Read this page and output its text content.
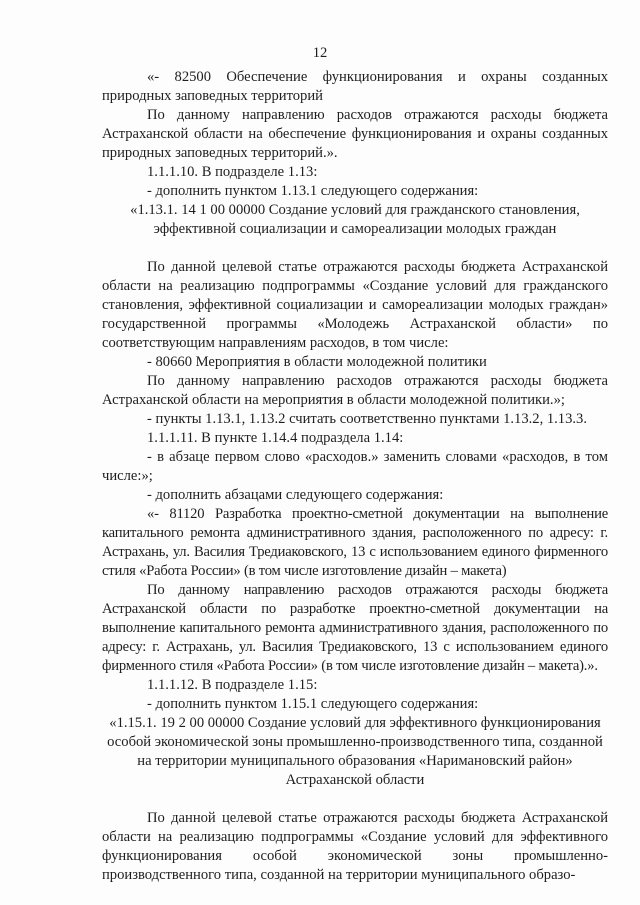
12

«- 82500 Обеспечение функционирования и охраны созданных природных заповедных территорий

По данному направлению расходов отражаются расходы бюджета Астраханской области на обеспечение функционирования и охраны созданных природных заповедных территорий.».

1.1.1.10. В подразделе 1.13:

- дополнить пунктом 1.13.1 следующего содержания:

«1.13.1. 14 1 00 00000 Создание условий для гражданского становления, эффективной социализации и самореализации молодых граждан

По данной целевой статье отражаются расходы бюджета Астраханской области на реализацию подпрограммы «Создание условий для гражданского становления, эффективной социализации и самореализации молодых граждан» государственной программы «Молодежь Астраханской области» по соответствующим направлениям расходов, в том числе:

- 80660 Мероприятия в области молодежной политики

По данному направлению расходов отражаются расходы бюджета Астраханской области на мероприятия в области молодежной политики.»;

- пункты 1.13.1, 1.13.2 считать соответственно пунктами 1.13.2, 1.13.3.

1.1.1.11. В пункте 1.14.4 подраздела 1.14:

- в абзаце первом слово «расходов.» заменить словами «расходов, в том числе:»;

- дополнить абзацами следующего содержания:

«- 81120 Разработка проектно-сметной документации на выполнение капитального ремонта административного здания, расположенного по адресу: г. Астрахань, ул. Василия Тредиаковского, 13 с использованием единого фирменного стиля «Работа России» (в том числе изготовление дизайн – макета)

По данному направлению расходов отражаются расходы бюджета Астраханской области по разработке проектно-сметной документации на выполнение капитального ремонта административного здания, расположенного по адресу: г. Астрахань, ул. Василия Тредиаковского, 13 с использованием единого фирменного стиля «Работа России» (в том числе изготовление дизайн – макета).».

1.1.1.12. В подразделе 1.15:

- дополнить пунктом 1.15.1 следующего содержания:

«1.15.1. 19 2 00 00000 Создание условий для эффективного функционирования особой экономической зоны промышленно-производственного типа, созданной на территории муниципального образования «Наримановский район» Астраханской области

По данной целевой статье отражаются расходы бюджета Астраханской области на реализацию подпрограммы «Создание условий для эффективного функционирования особой экономической зоны промышленно-производственного типа, созданной на территории муниципального образо-
